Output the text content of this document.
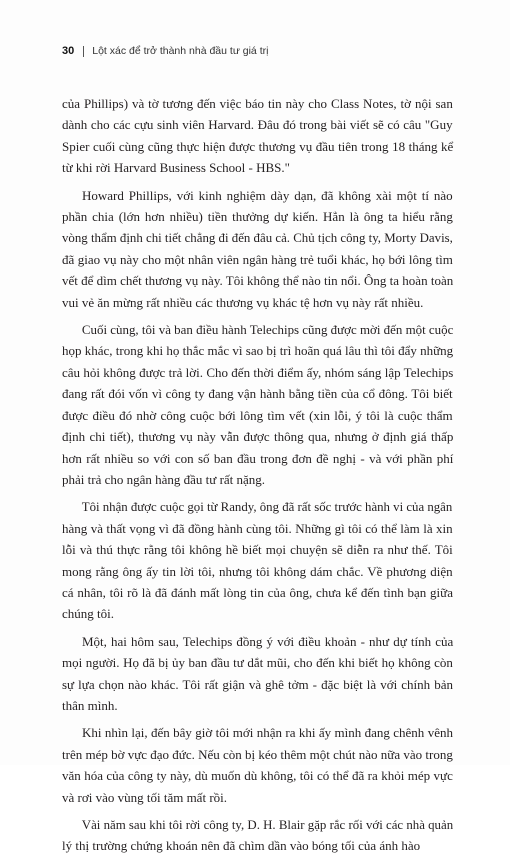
30 Lột xác để trở thành nhà đầu tư giá trị
của Phillips) và tờ tương đến việc báo tin này cho Class Notes, tờ nội san
dành cho các cựu sinh viên Harvard. Đâu đó trong bài viết sẽ có câu "Guy
Spier cuối cùng cũng thực hiện được thương vụ đầu tiên trong 18 tháng kể
từ khi rời Harvard Business School - HBS."
Howard Phillips, với kinh nghiệm dày dạn, đã không xài một tí nào
phần chia (lớn hơn nhiều) tiền thưởng dự kiến. Hẳn là ông ta hiểu rằng
vòng thẩm định chi tiết chẳng đi đến đâu cả. Chủ tịch công ty, Morty Davis,
đã giao vụ này cho một nhân viên ngân hàng trẻ tuổi khác, họ bới lông tìm
vết để dìm chết thương vụ này. Tôi không thể nào tin nổi. Ông ta hoàn toàn
vui vẻ ăn mừng rất nhiều các thương vụ khác tệ hơn vụ này rất nhiều.
Cuối cùng, tôi và ban điều hành Telechips cũng được mời đến một cuộc
họp khác, trong khi họ thắc mắc vì sao bị trì hoãn quá lâu thì tôi đẩy những
câu hỏi không được trả lời. Cho đến thời điểm ấy, nhóm sáng lập Telechips
đang rất đói vốn vì công ty đang vận hành bằng tiền của cổ đông. Tôi biết
được điều đó nhờ công cuộc bới lông tìm vết (xin lỗi, ý tôi là cuộc thẩm
định chi tiết), thương vụ này vẫn được thông qua, nhưng ở định giá thấp
hơn rất nhiều so với con số ban đầu trong đơn đề nghị - và với phần phí
phải trả cho ngân hàng đầu tư rất nặng.
Tôi nhận được cuộc gọi từ Randy, ông đã rất sốc trước hành vi của ngân
hàng và thất vọng vì đã đồng hành cùng tôi. Những gì tôi có thể làm là xin
lỗi và thú thực rằng tôi không hề biết mọi chuyện sẽ diễn ra như thế. Tôi
mong rằng ông ấy tin lời tôi, nhưng tôi không dám chắc. Về phương diện
cá nhân, tôi rõ là đã đánh mất lòng tin của ông, chưa kể đến tình bạn giữa
chúng tôi.
Một, hai hôm sau, Telechips đồng ý với điều khoản - như dự tính của
mọi người. Họ đã bị ủy ban đầu tư dắt mũi, cho đến khi biết họ không còn
sự lựa chọn nào khác. Tôi rất giận và ghê tởm - đặc biệt là với chính bản
thân mình.
Khi nhìn lại, đến bây giờ tôi mới nhận ra khi ấy mình đang chênh vênh
trên mép bờ vực đạo đức. Nếu còn bị kéo thêm một chút nào nữa vào trong
văn hóa của công ty này, dù muốn dù không, tôi có thể đã ra khỏi mép vực
và rơi vào vùng tối tăm mất rồi.
Vài năm sau khi tôi rời công ty, D. H. Blair gặp rắc rối với các nhà quản
lý thị trường chứng khoán nên đã chìm dần vào bóng tối của ánh hào
